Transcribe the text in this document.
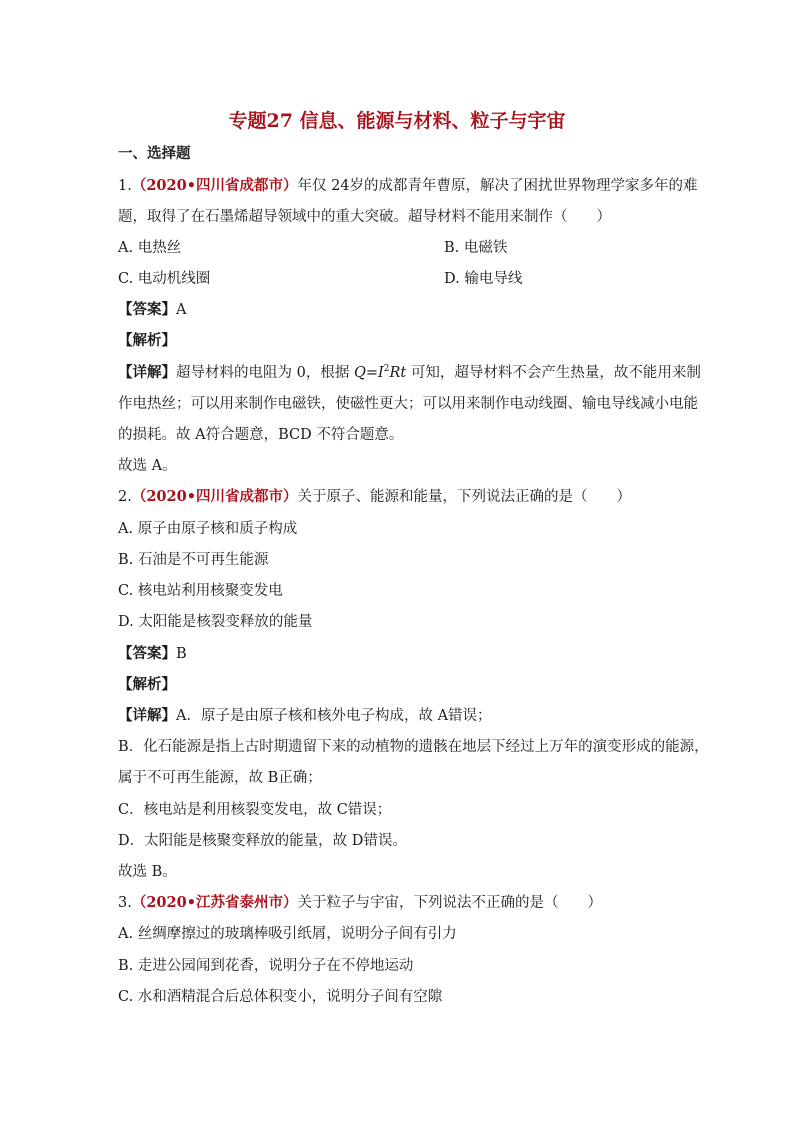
专题27 信息、能源与材料、粒子与宇宙
一、选择题
1.（2020•四川省成都市）年仅 24岁的成都青年曹原，解决了困扰世界物理学家多年的难
题，取得了在石墨烯超导领域中的重大突破。超导材料不能用来制作（　　）
A. 电热丝	B. 电磁铁
C. 电动机线圈	D. 输电导线
【答案】A
【解析】
【详解】超导材料的电阻为 0，根据 $Q=I^2Rt$ 可知，超导材料不会产生热量，故不能用来制
作电热丝；可以用来制作电磁铁，使磁性更大；可以用来制作电动线圈、输电导线减小电能
的损耗。故 A符合题意，BCD 不符合题意。
故选 A。
2.（2020•四川省成都市）关于原子、能源和能量，下列说法正确的是（　　）
A. 原子由原子核和质子构成
B. 石油是不可再生能源
C. 核电站利用核聚变发电
D. 太阳能是核裂变释放的能量
【答案】B
【解析】
【详解】A．原子是由原子核和核外电子构成，故 A错误；
B．化石能源是指上古时期遗留下来的动植物的遗骸在地层下经过上万年的演变形成的能源，
属于不可再生能源，故 B正确；
C．核电站是利用核裂变发电，故 C错误；
D．太阳能是核聚变释放的能量，故 D错误。
故选 B。
3.（2020•江苏省泰州市）关于粒子与宇宙，下列说法不正确的是（　　）
A. 丝绸摩擦过的玻璃棒吸引纸屑，说明分子间有引力
B. 走进公园闻到花香，说明分子在不停地运动
C. 水和酒精混合后总体积变小，说明分子间有空隙
